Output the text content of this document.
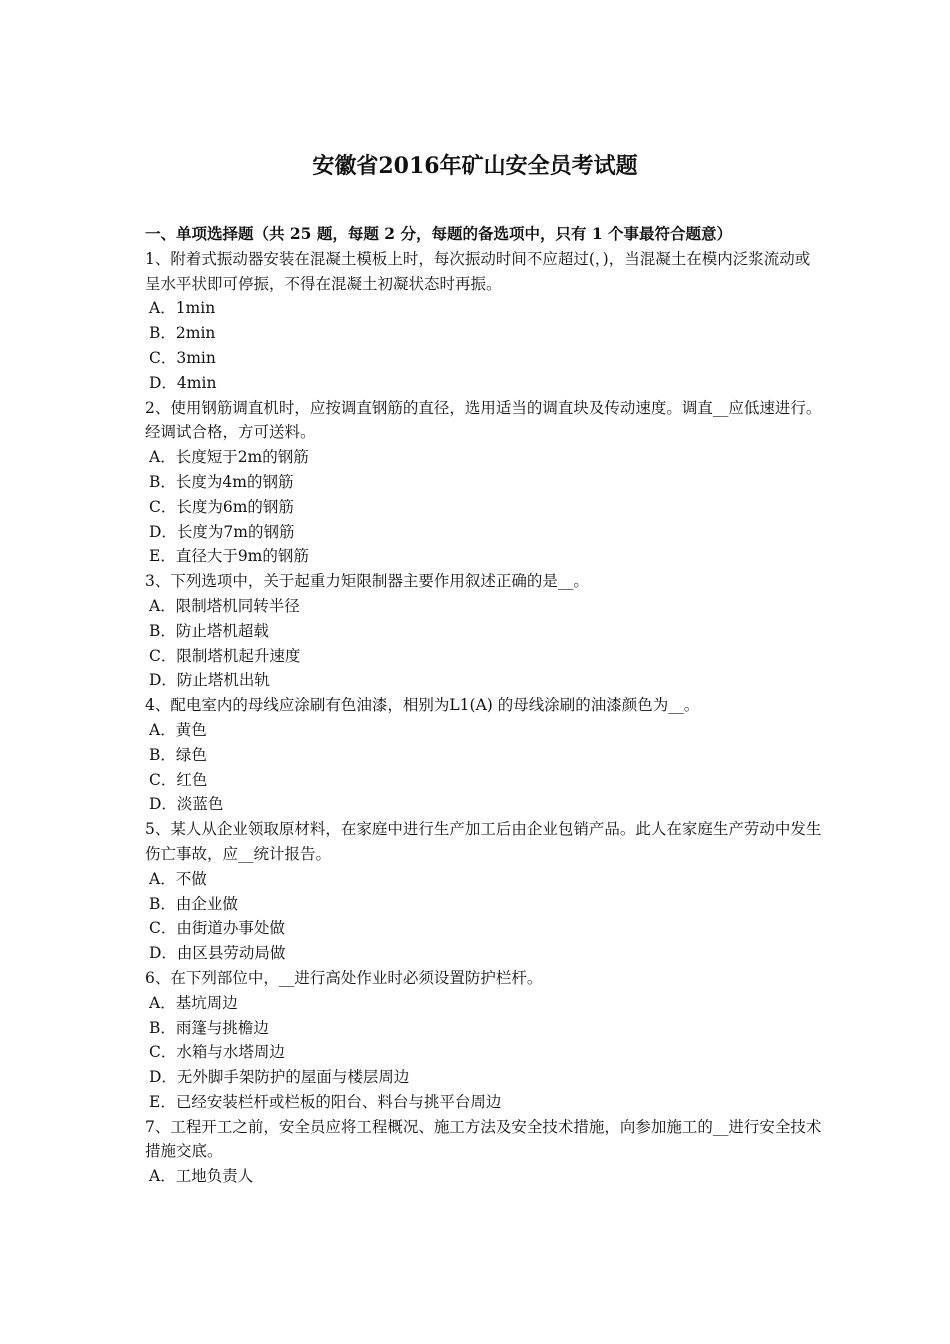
安徽省2016年矿山安全员考试题
一、单项选择题（共 25 题，每题 2 分，每题的备选项中，只有 1 个事最符合题意）
1、附着式振动器安装在混凝土模板上时，每次振动时间不应超过(，)，当混凝土在模内泛浆流动或呈水平状即可停振，不得在混凝土初凝状态时再振。
A．1min
B．2min
C．3min
D．4min
2、使用钢筋调直机时，应按调直钢筋的直径，选用适当的调直块及传动速度。调直__应低速进行。经调试合格，方可送料。
A．长度短于2m的钢筋
B．长度为4m的钢筋
C．长度为6m的钢筋
D．长度为7m的钢筋
E．直径大于9m的钢筋
3、下列选项中，关于起重力矩限制器主要作用叙述正确的是__。
A．限制塔机同转半径
B．防止塔机超载
C．限制塔机起升速度
D．防止塔机出轨
4、配电室内的母线应涂刷有色油漆，相别为L1(A) 的母线涂刷的油漆颜色为__。
A．黄色
B．绿色
C．红色
D．淡蓝色
5、某人从企业领取原材料，在家庭中进行生产加工后由企业包销产品。此人在家庭生产劳动中发生伤亡事故，应__统计报告。
A．不做
B．由企业做
C．由街道办事处做
D．由区县劳动局做
6、在下列部位中，__进行高处作业时必须设置防护栏杆。
A．基坑周边
B．雨篷与挑檐边
C．水箱与水塔周边
D．无外脚手架防护的屋面与楼层周边
E．已经安装栏杆或栏板的阳台、料台与挑平台周边
7、工程开工之前，安全员应将工程概况、施工方法及安全技术措施，向参加施工的__进行安全技术措施交底。
A．工地负责人
